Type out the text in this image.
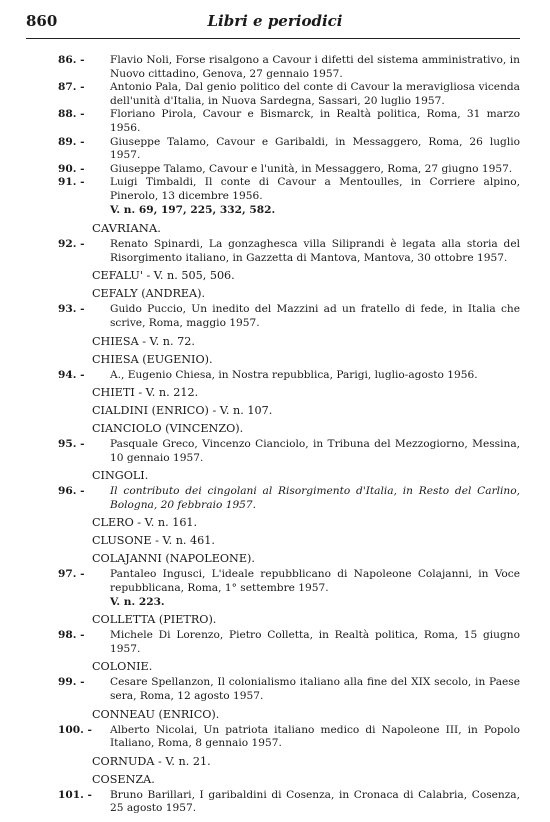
860	Libri e periodici
86. -	Flavio Noli, Forse risalgono a Cavour i difetti del sistema amministrativo, in Nuovo cittadino, Genova, 27 gennaio 1957.
87. -	Antonio Pala, Dal genio politico del conte di Cavour la meravigliosa vicenda dell'unità d'Italia, in Nuova Sardegna, Sassari, 20 luglio 1957.
88. -	Floriano Pirola, Cavour e Bismarck, in Realtà politica, Roma, 31 marzo 1956.
89. -	Giuseppe Talamo, Cavour e Garibaldi, in Messaggero, Roma, 26 luglio 1957.
90. -	Giuseppe Talamo, Cavour e l'unità, in Messaggero, Roma, 27 giugno 1957.
91. -	Luigi Timbaldi, Il conte di Cavour a Mentoulles, in Corriere alpino, Pinerolo, 13 dicembre 1956.
V. n. 69, 197, 225, 332, 582.
CAVRIANA.
92. -	Renato Spinardi, La gonzaghesca villa Siliprandi è legata alla storia del Risorgimento italiano, in Gazzetta di Mantova, Mantova, 30 ottobre 1957.
CEFALU' - V. n. 505, 506.
CEFALY (ANDREA).
93. -	Guido Puccio, Un inedito del Mazzini ad un fratello di fede, in Italia che scrive, Roma, maggio 1957.
CHIESA - V. n. 72.
CHIESA (EUGENIO).
94. -	A., Eugenio Chiesa, in Nostra repubblica, Parigi, luglio-agosto 1956.
CHIETI - V. n. 212.
CIALDINI (ENRICO) - V. n. 107.
CIANCIOLO (VINCENZO).
95. -	Pasquale Greco, Vincenzo Cianciolo, in Tribuna del Mezzogiorno, Messina, 10 gennaio 1957.
CINGOLI.
96. -	Il contributo dei cingolani al Risorgimento d'Italia, in Resto del Carlino, Bologna, 20 febbraio 1957.
CLERO - V. n. 161.
CLUSONE - V. n. 461.
COLAJANNI (NAPOLEONE).
97. -	Pantaleo Ingusci, L'ideale repubblicano di Napoleone Colajanni, in Voce repubblicana, Roma, 1° settembre 1957.
V. n. 223.
COLLETTA (PIETRO).
98. -	Michele Di Lorenzo, Pietro Colletta, in Realtà politica, Roma, 15 giugno 1957.
COLONIE.
99. -	Cesare Spellanzon, Il colonialismo italiano alla fine del XIX secolo, in Paese sera, Roma, 12 agosto 1957.
CONNEAU (ENRICO).
100. -	Alberto Nicolai, Un patriota italiano medico di Napoleone III, in Popolo Italiano, Roma, 8 gennaio 1957.
CORNUDA - V. n. 21.
COSENZA.
101. -	Bruno Barillari, I garibaldini di Cosenza, in Cronaca di Calabria, Cosenza, 25 agosto 1957.
